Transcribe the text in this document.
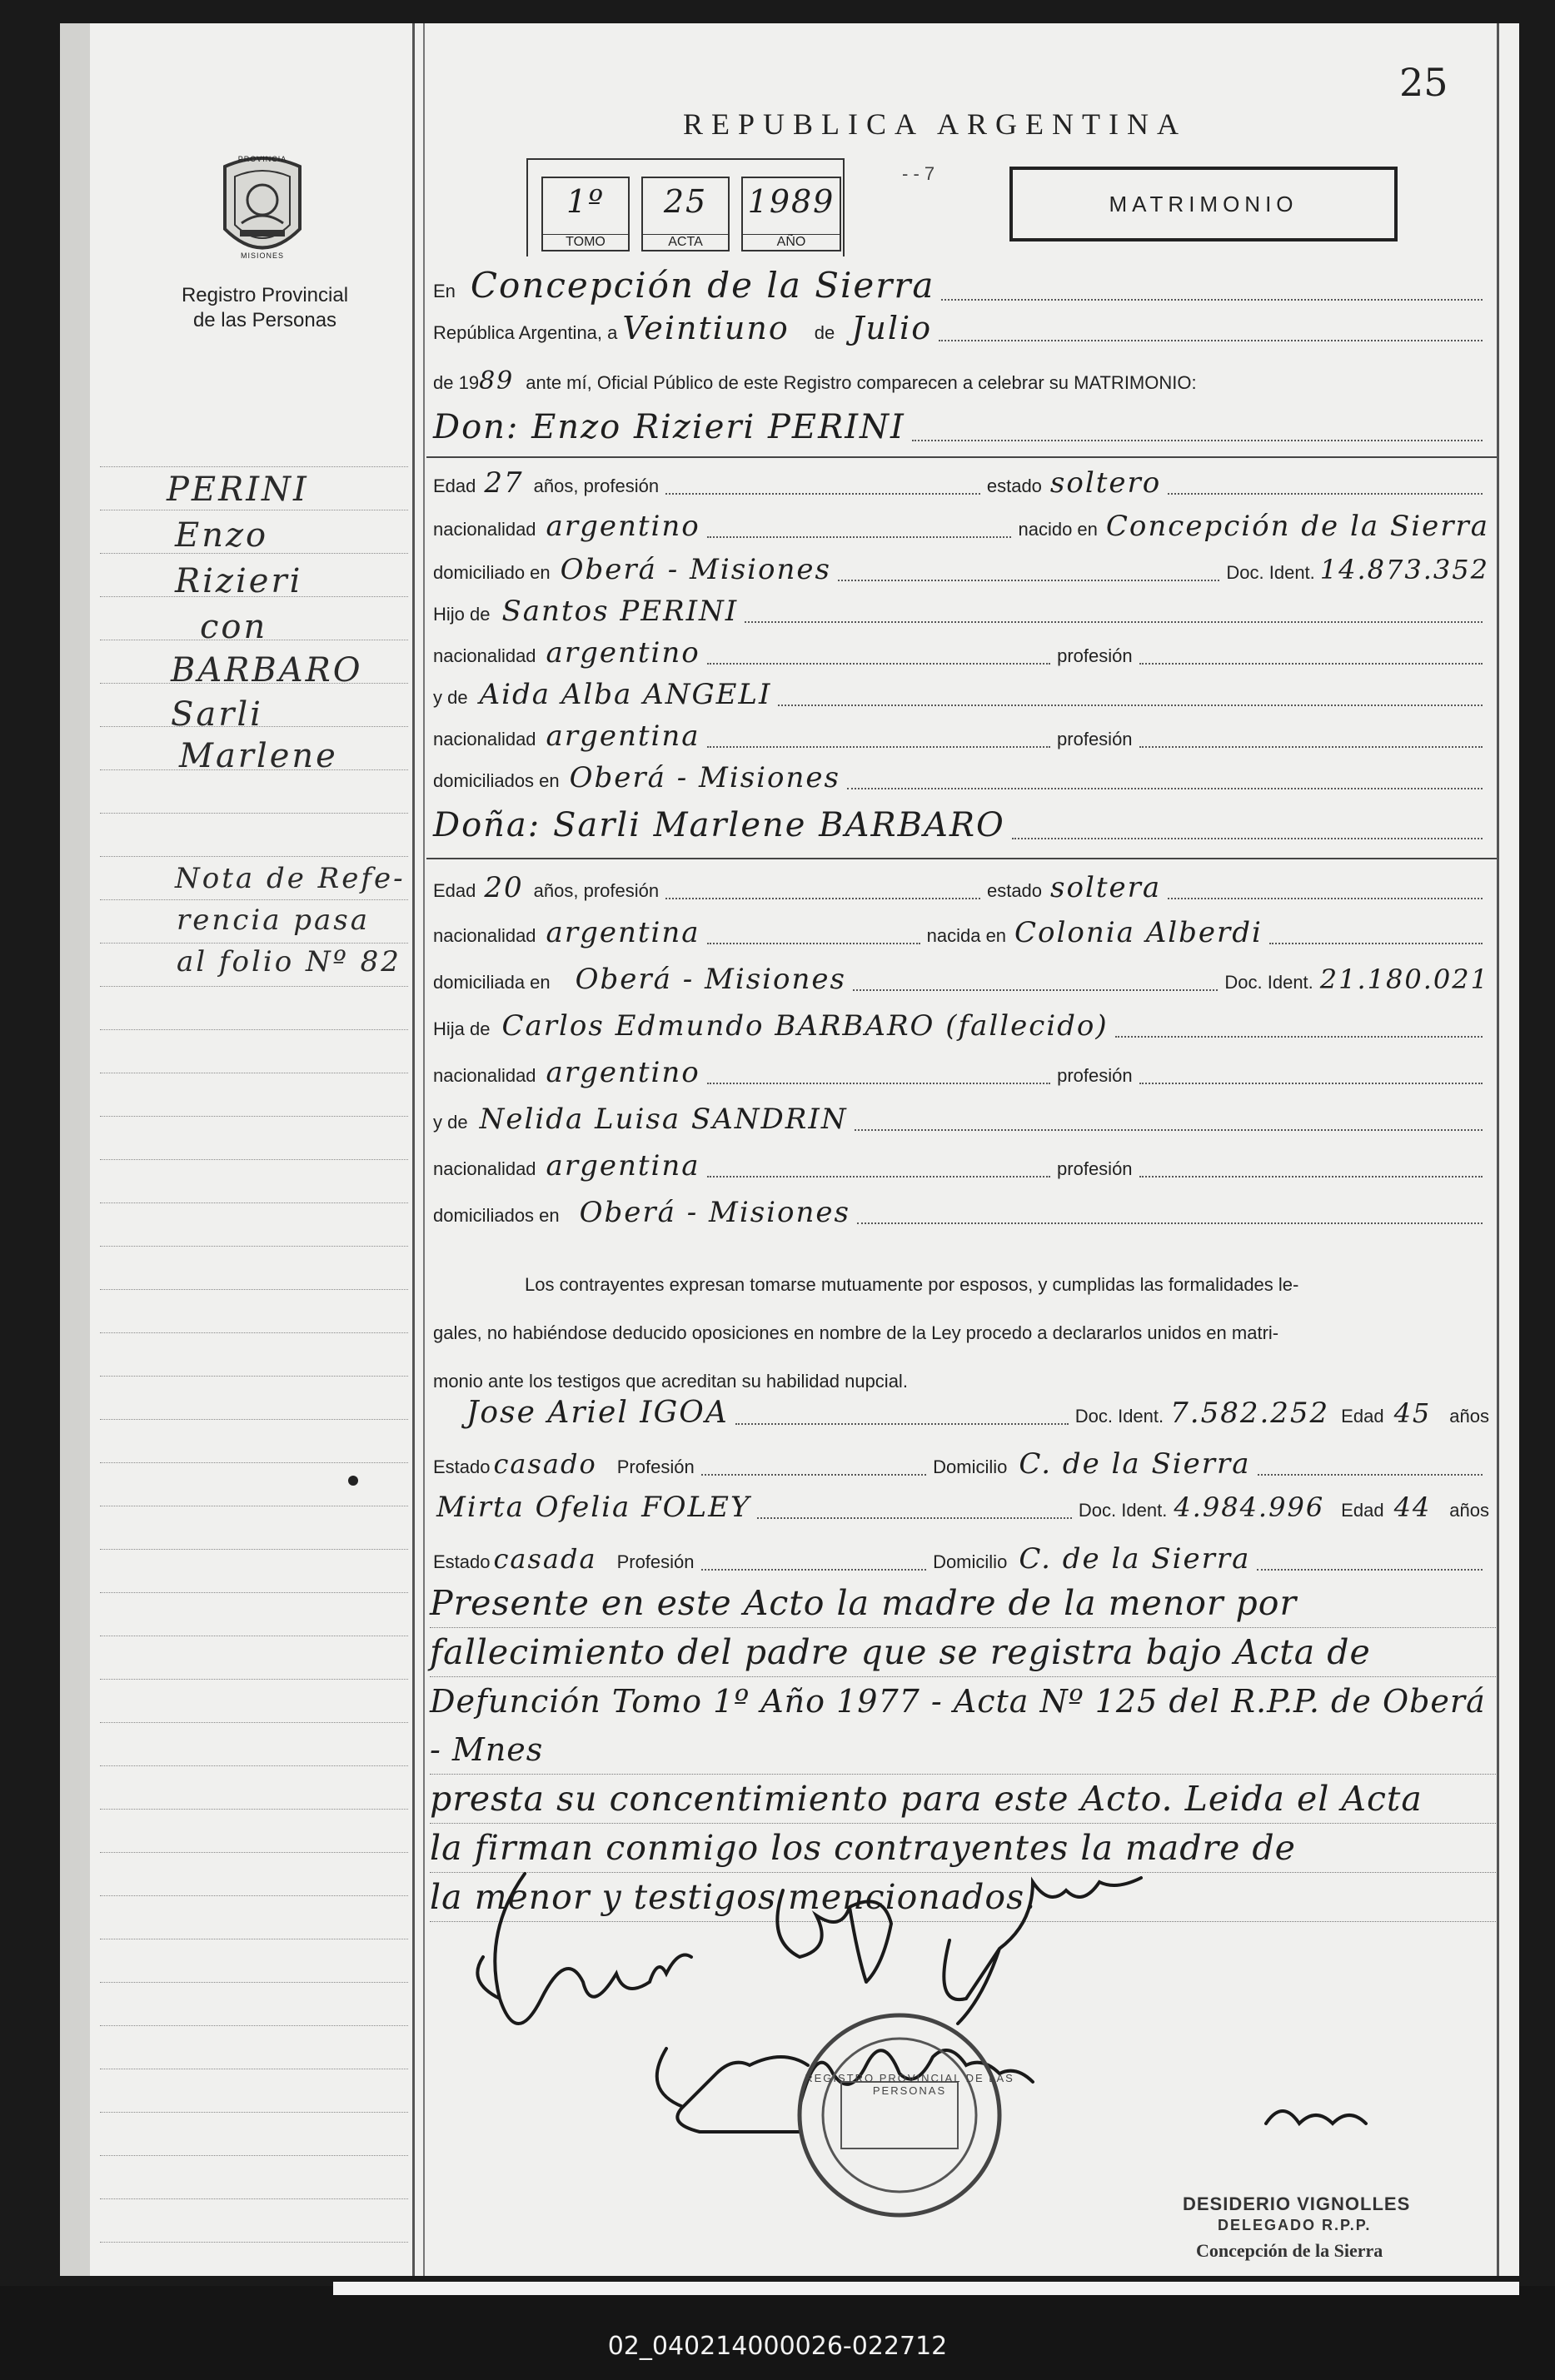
25
REPUBLICA ARGENTINA
- - 7
MATRIMONIO
1º
TOMO
25
ACTA
1989
AÑO
PROVINCIA
MISIONES
Registro Provincial
de las Personas
PERINI
Enzo
Rizieri
con
BARBARO
Sarli
Marlene
Nota de Refe-
rencia pasa
al folio Nº 82
En Concepción de la Sierra
República Argentina, a Veintiuno de Julio
de 19 89 ante mí, Oficial Público de este Registro comparecen a celebrar su MATRIMONIO:
Don: Enzo Rizieri PERINI
Edad 27 años, profesión	estado soltero
nacionalidad argentino	nacido en Concepción de la Sierra
domiciliado en Oberá - Misiones	Doc. Ident. 14.873.352
Hijo de Santos PERINI
nacionalidad argentino	profesión
y de Aida Alba ANGELI
nacionalidad argentina	profesión
domiciliados en Oberá - Misiones
Doña: Sarli Marlene BARBARO
Edad 20 años, profesión	estado soltera
nacionalidad argentina	nacida en Colonia Alberdi
domiciliada en Oberá - Misiones	Doc. Ident. 21.180.021
Hija de Carlos Edmundo BARBARO (fallecido)
nacionalidad argentino	profesión
y de Nelida Luisa SANDRIN
nacionalidad argentina	profesión
domiciliados en Oberá - Misiones
Los contrayentes expresan tomarse mutuamente por esposos, y cumplidas las formalidades le-
gales, no habiéndose deducido oposiciones en nombre de la Ley procedo a declararlos unidos en matri-
monio ante los testigos que acreditan su habilidad nupcial.
Jose Ariel IGOA	Doc. Ident. 7.582.252 Edad 45 años
Estado casado Profesión	Domicilio C. de la Sierra
Mirta Ofelia FOLEY	Doc. Ident. 4.984.996 Edad 44 años
Estado casada Profesión	Domicilio C. de la Sierra
Presente en este Acto la madre de la menor por
fallecimiento del padre que se registra bajo Acta de
Defunción Tomo 1º Año 1977 - Acta Nº 125 del R.P.P. de Oberá - Mnes
presta su concentimiento para este Acto. Leida el Acta
la firman conmigo los contrayentes la madre de
la menor y testigos mencionados.
REGISTRO PROVINCIAL DE LAS PERSONAS
DESIDERIO VIGNOLLES
DELEGADO R.P.P.
Concepción de la Sierra
02_040214000026-022712
